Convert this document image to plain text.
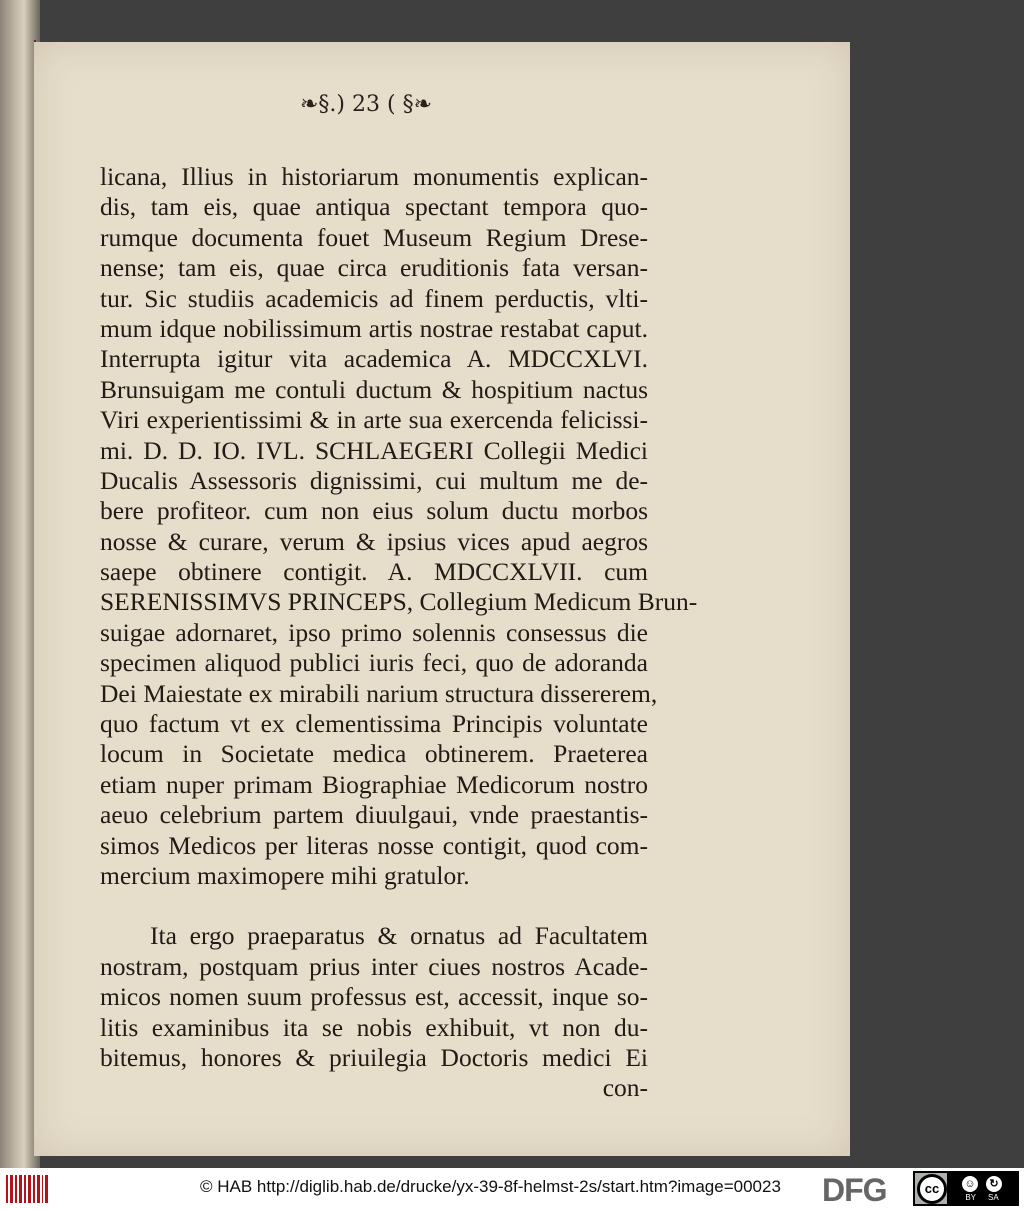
❧§.) 23 ( §❧
licana, Illius in historiarum monumentis explican-
dis, tam eis, quae antiqua spectant tempora quo-
rumque documenta fouet Museum Regium Drese-
nense; tam eis, quae circa eruditionis fata versan-
tur. Sic studiis academicis ad finem perductis, vlti-
mum idque nobilissimum artis nostrae restabat caput.
Interrupta igitur vita academica A. MDCCXLVI.
Brunsuigam me contuli ductum & hospitium nactus
Viri experientissimi & in arte sua exercenda felicissi-
mi. D. D. IO. IVL. SCHLAEGERI Collegii Medici
Ducalis Assessoris dignissimi, cui multum me de-
bere profiteor. cum non eius solum ductu morbos
nosse & curare, verum & ipsius vices apud aegros
saepe obtinere contigit. A. MDCCXLVII. cum
SERENISSIMVS PRINCEPS, Collegium Medicum Brun-
suigae adornaret, ipso primo solennis consessus die
specimen aliquod publici iuris feci, quo de adoranda
Dei Maiestate ex mirabili narium structura dissererem,
quo factum vt ex clementissima Principis voluntate
locum in Societate medica obtinerem. Praeterea
etiam nuper primam Biographiae Medicorum nostro
aeuo celebrium partem diuulgaui, vnde praestantis-
simos Medicos per literas nosse contigit, quod com-
mercium maximopere mihi gratulor.
Ita ergo praeparatus & ornatus ad Facultatem
nostram, postquam prius inter ciues nostros Acade-
micos nomen suum professus est, accessit, inque so-
litis examinibus ita se nobis exhibuit, vt non du-
bitemus, honores & priuilegia Doctoris medici Ei
con-
© HAB http://diglib.hab.de/drucke/yx-39-8f-helmst-2s/start.htm?image=00023 DFG	cc	☺	↻
BY SA
